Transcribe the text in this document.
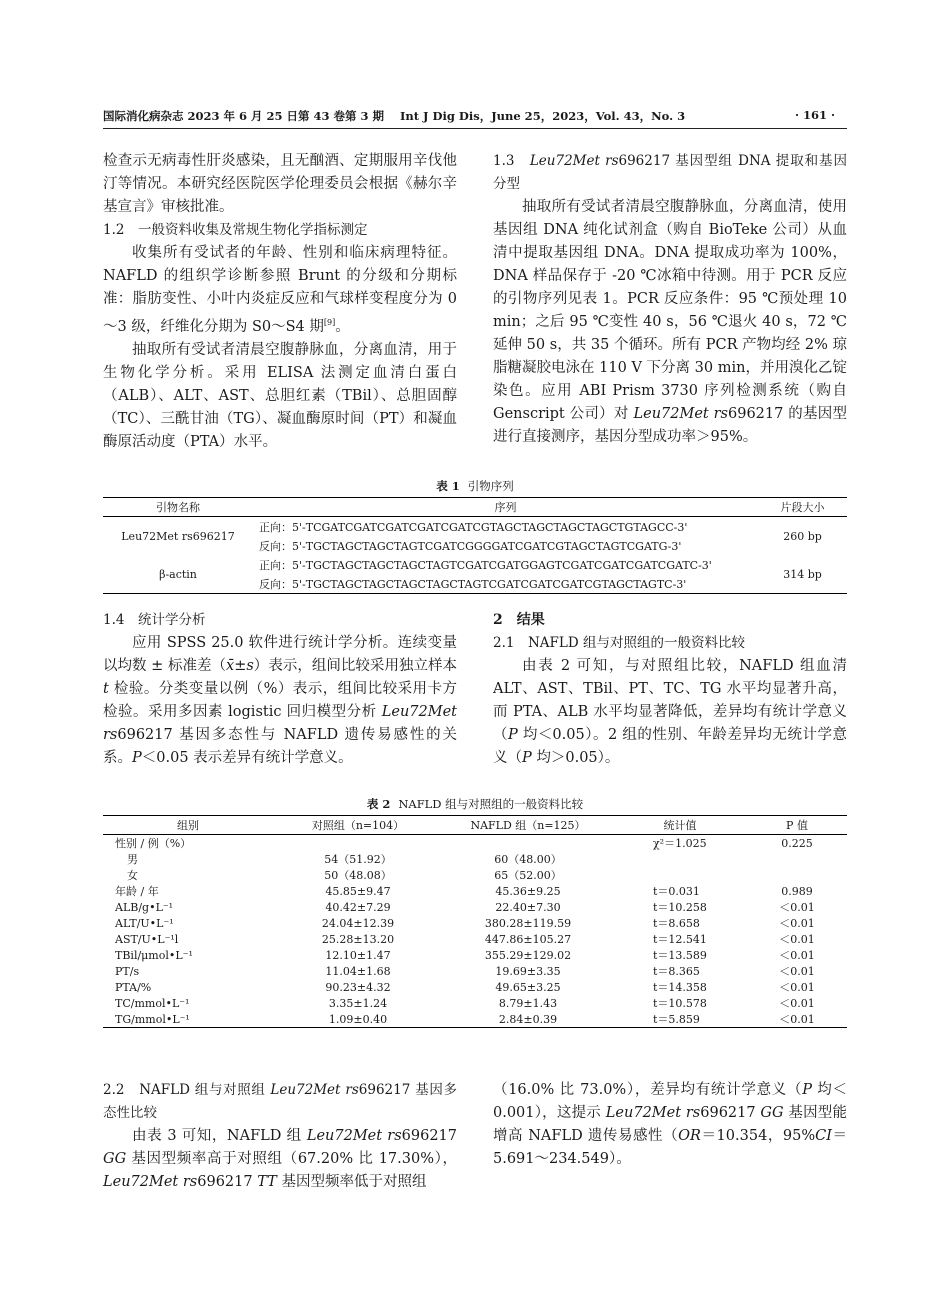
国际消化病杂志 2023 年 6 月 25 日第 43 卷第 3 期 Int J Dig Dis，June 25，2023，Vol. 43，No. 3	· 161 ·

检查示无病毒性肝炎感染，且无酗酒、定期服用辛伐他汀等情况。本研究经医院医学伦理委员会根据《赫尔辛基宣言》审核批准。

1.2　一般资料收集及常规生物化学指标测定

收集所有受试者的年龄、性别和临床病理特征。NAFLD 的组织学诊断参照 Brunt 的分级和分期标准：脂肪变性、小叶内炎症反应和气球样变程度分为 0～3 级，纤维化分期为 S0～S4 期[9]。

抽取所有受试者清晨空腹静脉血，分离血清，用于生物化学分析。采用 ELISA 法测定血清白蛋白（ALB）、ALT、AST、总胆红素（TBil）、总胆固醇（TC）、三酰甘油（TG）、凝血酶原时间（PT）和凝血酶原活动度（PTA）水平。

1.3　Leu72Met rs696217 基因型组 DNA 提取和基因分型

抽取所有受试者清晨空腹静脉血，分离血清，使用基因组 DNA 纯化试剂盒（购自 BioTeke 公司）从血清中提取基因组 DNA。DNA 提取成功率为 100%，DNA 样品保存于 -20 ℃冰箱中待测。用于 PCR 反应的引物序列见表 1。PCR 反应条件：95 ℃预处理 10 min；之后 95 ℃变性 40 s，56 ℃退火 40 s，72 ℃延伸 50 s，共 35 个循环。所有 PCR 产物均经 2% 琼脂糖凝胶电泳在 110 V 下分离 30 min，并用溴化乙锭染色。应用 ABI Prism 3730 序列检测系统（购自 Genscript 公司）对 Leu72Met rs696217 的基因型进行直接测序，基因分型成功率＞95%。

表 1 引物序列
引物名称	序列	片段大小
Leu72Met rs696217	正向：5'-TCGATCGATCGATCGATCGATCGTAGCTAGCTAGCTAGCTGTAGCC-3'	260 bp
	反向：5'-TGCTAGCTAGCTAGTCGATCGGGGATCGATCGTAGCTAGTCGATG-3'	
β-actin	正向：5'-TGCTAGCTAGCTAGCTAGTCGATCGATGGAGTCGATCGATCGATCGATC-3'	314 bp
	反向：5'-TGCTAGCTAGCTAGCTAGCTAGTCGATCGATCGATCGTAGCTAGTC-3'	

1.4　统计学分析

应用 SPSS 25.0 软件进行统计学分析。连续变量以均数 ± 标准差（x̄±s）表示，组间比较采用独立样本 t 检验。分类变量以例（%）表示，组间比较采用卡方检验。采用多因素 logistic 回归模型分析 Leu72Met rs696217 基因多态性与 NAFLD 遗传易感性的关系。P＜0.05 表示差异有统计学意义。

2　结果

2.1　NAFLD 组与对照组的一般资料比较

由表 2 可知，与对照组比较，NAFLD 组血清 ALT、AST、TBil、PT、TC、TG 水平均显著升高，而 PTA、ALB 水平均显著降低，差异均有统计学意义（P 均＜0.05）。2 组的性别、年龄差异均无统计学意义（P 均＞0.05）。

表 2 NAFLD 组与对照组的一般资料比较
组别	对照组（n=104）	NAFLD 组（n=125）	统计值	P 值
性别 / 例（%）			χ²＝1.025	0.225
男	54（51.92）	60（48.00）		
女	50（48.08）	65（52.00）		
年龄 / 年	45.85±9.47	45.36±9.25	t＝0.031	0.989
ALB/g•L⁻¹	40.42±7.29	22.40±7.30	t＝10.258	＜0.01
ALT/U•L⁻¹	24.04±12.39	380.28±119.59	t＝8.658	＜0.01
AST/U•L⁻¹l	25.28±13.20	447.86±105.27	t＝12.541	＜0.01
TBil/μmol•L⁻¹	12.10±1.47	355.29±129.02	t＝13.589	＜0.01
PT/s	11.04±1.68	19.69±3.35	t＝8.365	＜0.01
PTA/%	90.23±4.32	49.65±3.25	t＝14.358	＜0.01
TC/mmol•L⁻¹	3.35±1.24	8.79±1.43	t＝10.578	＜0.01
TG/mmol•L⁻¹	1.09±0.40	2.84±0.39	t＝5.859	＜0.01

2.2　NAFLD 组与对照组 Leu72Met rs696217 基因多态性比较

由表 3 可知，NAFLD 组 Leu72Met rs696217 GG 基因型频率高于对照组（67.20% 比 17.30%），Leu72Met rs696217 TT 基因型频率低于对照组

（16.0% 比 73.0%），差异均有统计学意义（P 均＜0.001），这提示 Leu72Met rs696217 GG 基因型能增高 NAFLD 遗传易感性（OR＝10.354，95%CI＝5.691～234.549）。
